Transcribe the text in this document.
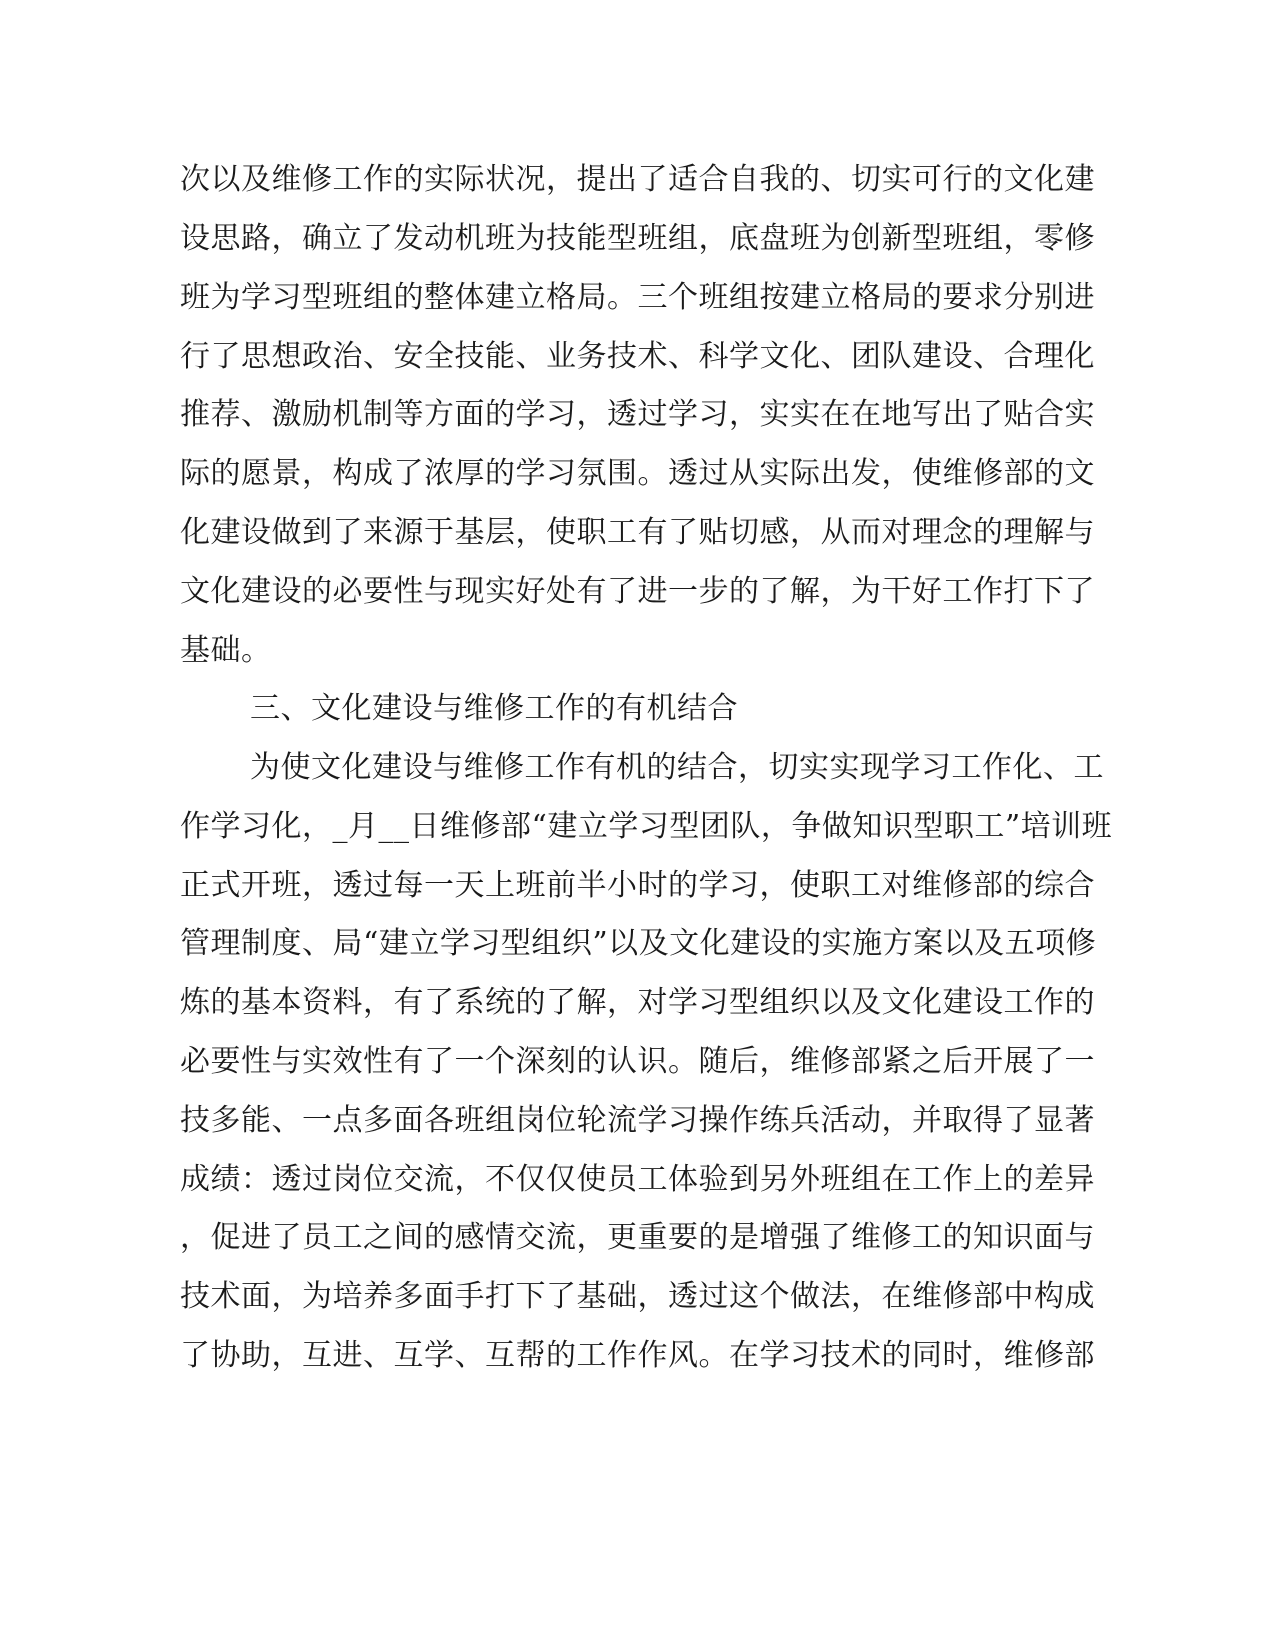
次以及维修工作的实际状况，提出了适合自我的、切实可行的文化建
设思路，确立了发动机班为技能型班组，底盘班为创新型班组，零修
班为学习型班组的整体建立格局。三个班组按建立格局的要求分别进
行了思想政治、安全技能、业务技术、科学文化、团队建设、合理化
推荐、激励机制等方面的学习，透过学习，实实在在地写出了贴合实
际的愿景，构成了浓厚的学习氛围。透过从实际出发，使维修部的文
化建设做到了来源于基层，使职工有了贴切感，从而对理念的理解与
文化建设的必要性与现实好处有了进一步的了解，为干好工作打下了
基础。
三、文化建设与维修工作的有机结合
为使文化建设与维修工作有机的结合，切实实现学习工作化、工
作学习化，_月__日维修部“建立学习型团队，争做知识型职工”培训班
正式开班，透过每一天上班前半小时的学习，使职工对维修部的综合
管理制度、局“建立学习型组织”以及文化建设的实施方案以及五项修
炼的基本资料，有了系统的了解，对学习型组织以及文化建设工作的
必要性与实效性有了一个深刻的认识。随后，维修部紧之后开展了一
技多能、一点多面各班组岗位轮流学习操作练兵活动，并取得了显著
成绩：透过岗位交流，不仅仅使员工体验到另外班组在工作上的差异
，促进了员工之间的感情交流，更重要的是增强了维修工的知识面与
技术面，为培养多面手打下了基础，透过这个做法，在维修部中构成
了协助，互进、互学、互帮的工作作风。在学习技术的同时，维修部
